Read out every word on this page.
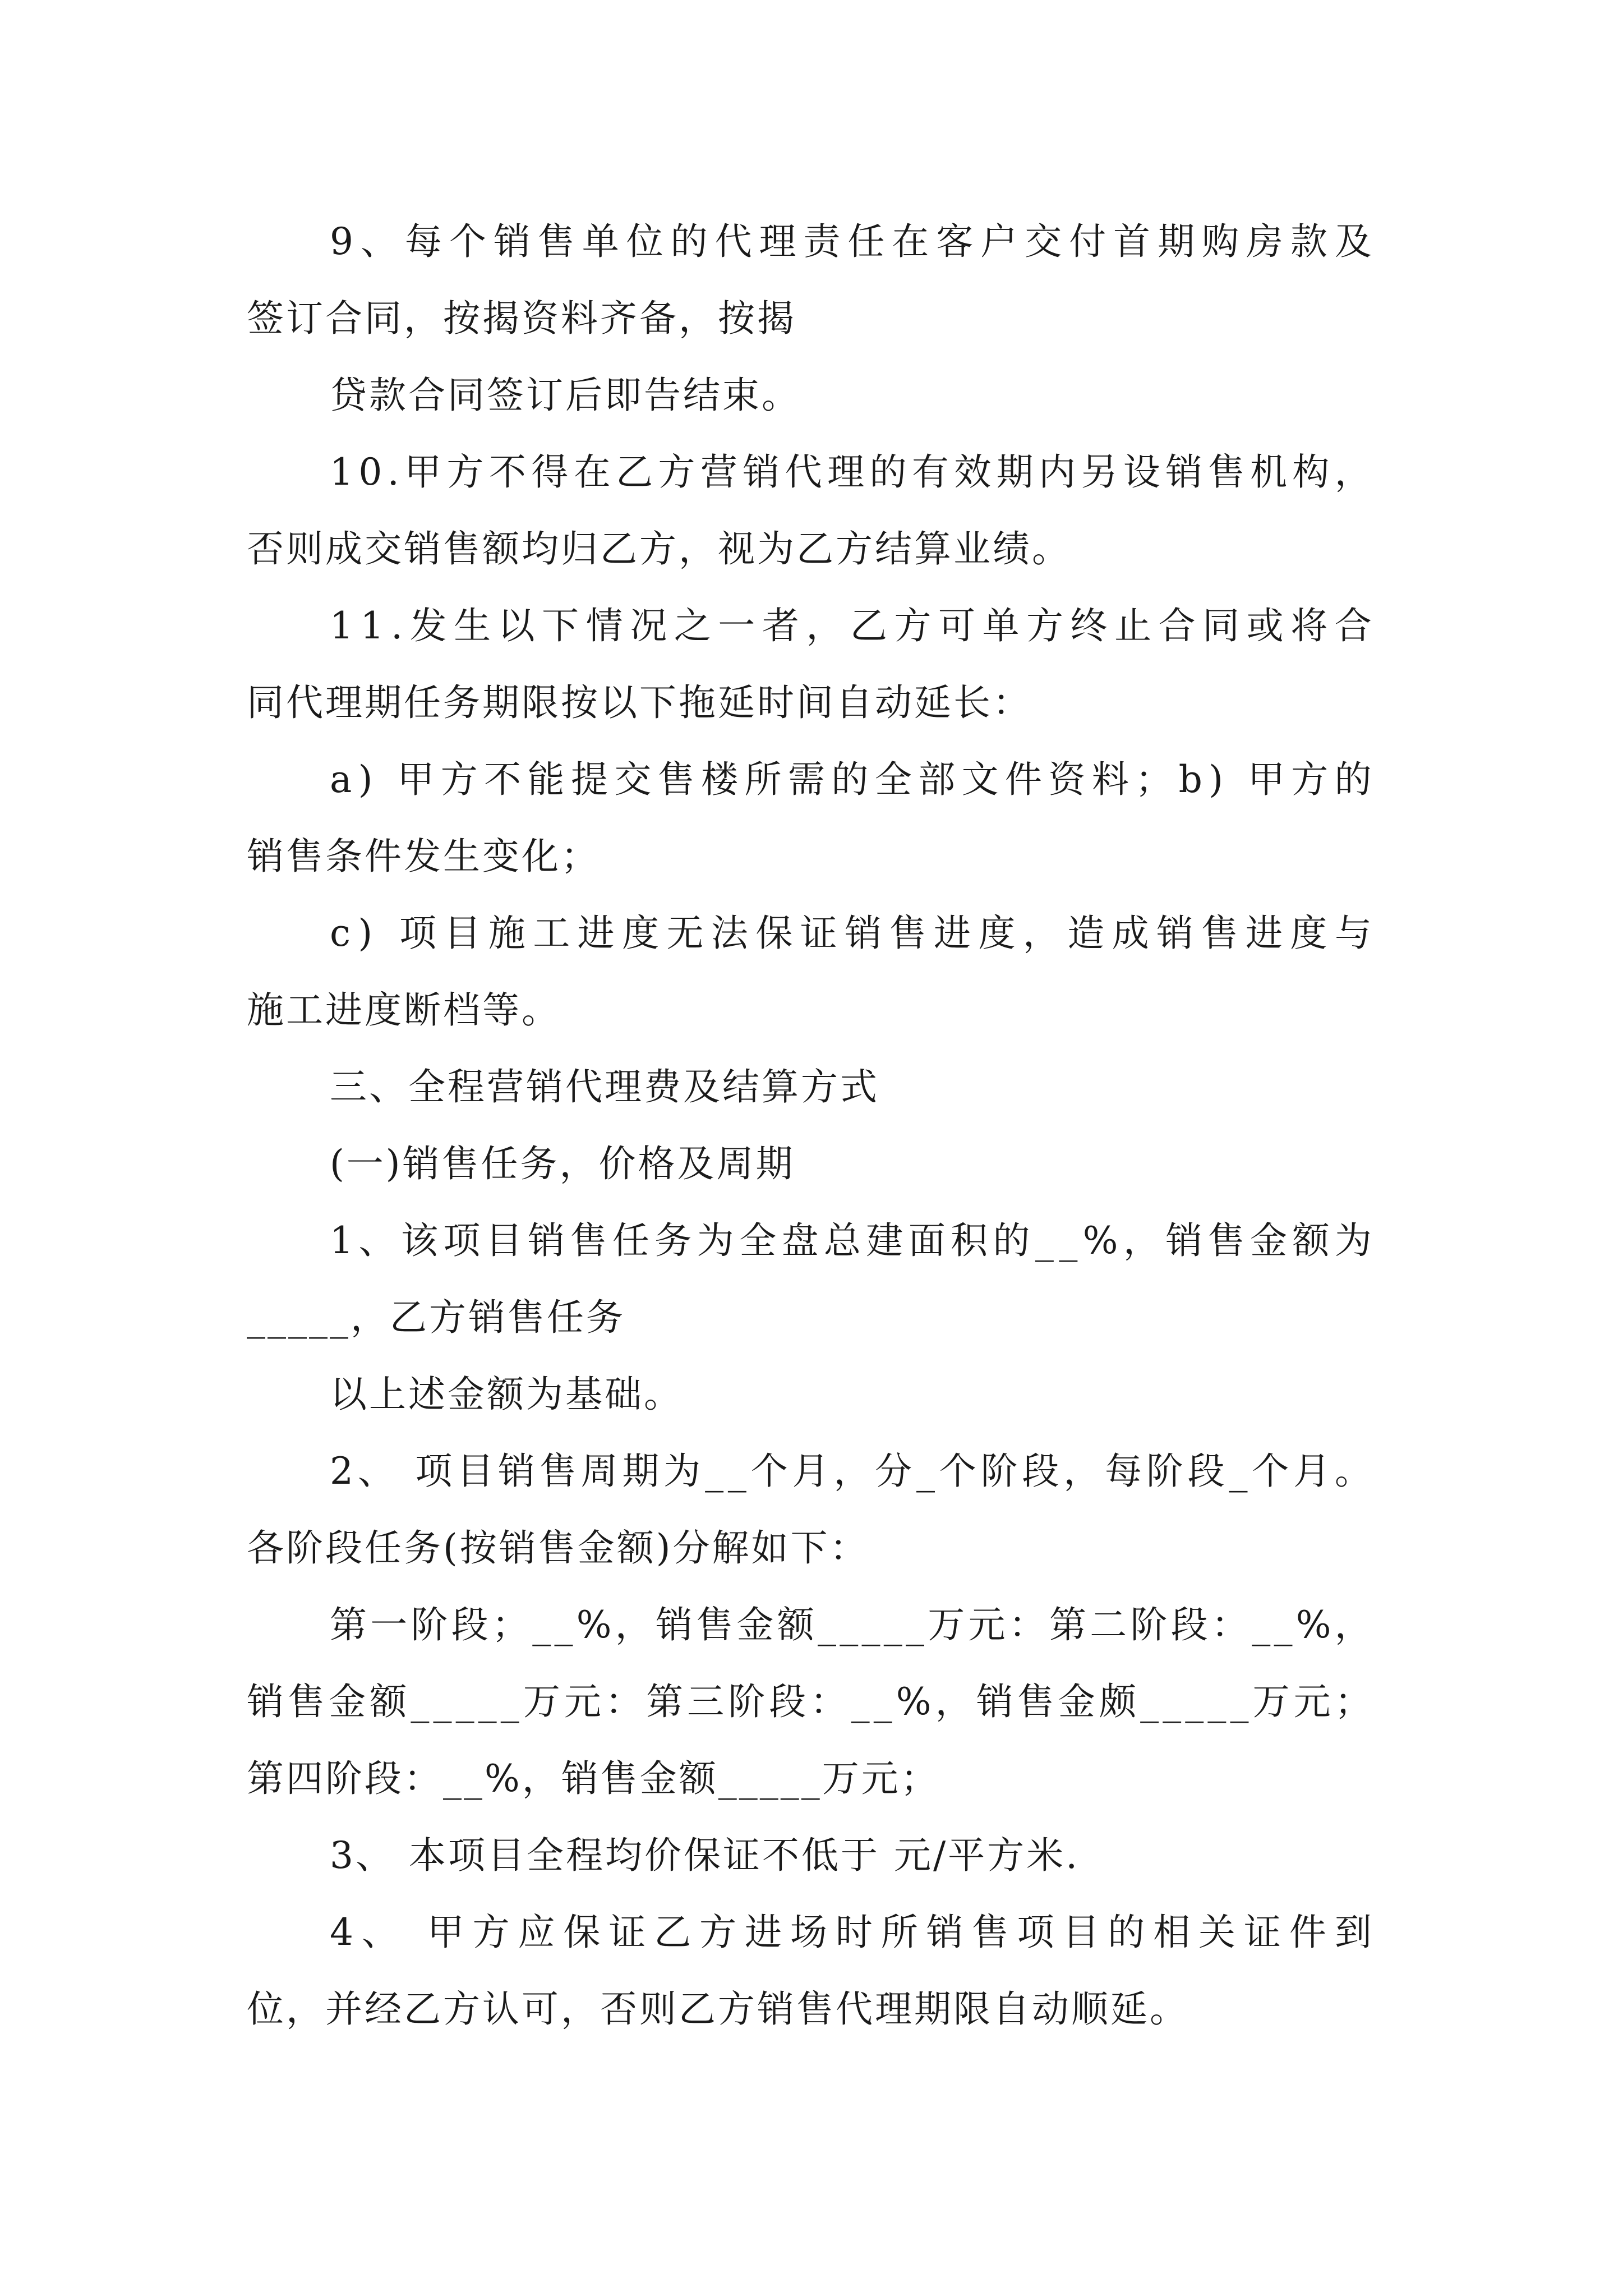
9 、 每 个 销 售 单 位 的 代 理 责 任 在 客 户 交 付 首 期 购 房 款 及
签订合同，按揭资料齐备，按揭
贷款合同签订后即告结束。
1 0 . 甲 方 不 得 在 乙 方 营 销 代 理 的 有 效 期 内 另 设 销 售 机 构 ，
否则成交销售额均归乙方，视为乙方结算业绩。
1 1 . 发 生 以 下 情 况 之 一 者 ， 乙 方 可 单 方 终 止 合 同 或 将 合
同代理期任务期限按以下拖延时间自动延长：
a )
甲 方 不 能 提 交 售 楼 所 需 的 全 部 文 件 资 料 ； b )
甲 方 的
销售条件发生变化；
c )
项 目 施 工 进 度 无 法 保 证 销 售 进 度 ， 造 成 销 售 进 度 与
施工进度断档等。
三、全程营销代理费及结算方式
(一)销售任务，价格及周期
1 、 该 项 目 销 售 任 务 为 全 盘 总 建 面 积 的 _ _ % ， 销 售 金 额 为
_____，乙方销售任务
以上述金额为基础。
2 、
项 目 销 售 周 期 为 _ _ 个 月 ， 分 _ 个 阶 段 ， 每 阶 段 _ 个 月 。
各阶段任务(按销售金额)分解如下：
第 一 阶 段 ； _ _ % ， 销 售 金 额 _ _ _ _ _ 万 元 ： 第 二 阶 段 ： _ _ % ，
销 售 金 额 _ _ _ _ _ 万 元 ： 第 三 阶 段 ： _ _ % ， 销 售 金 颇 _ _ _ _ _ 万 元 ；
第四阶段：__%，销售金额_____万元；
3、 本项目全程均价保证不低于 元/平方米.
4 、
甲 方 应 保 证 乙 方 进 场 时 所 销 售 项 目 的 相 关 证 件 到
位，并经乙方认可，否则乙方销售代理期限自动顺延。
